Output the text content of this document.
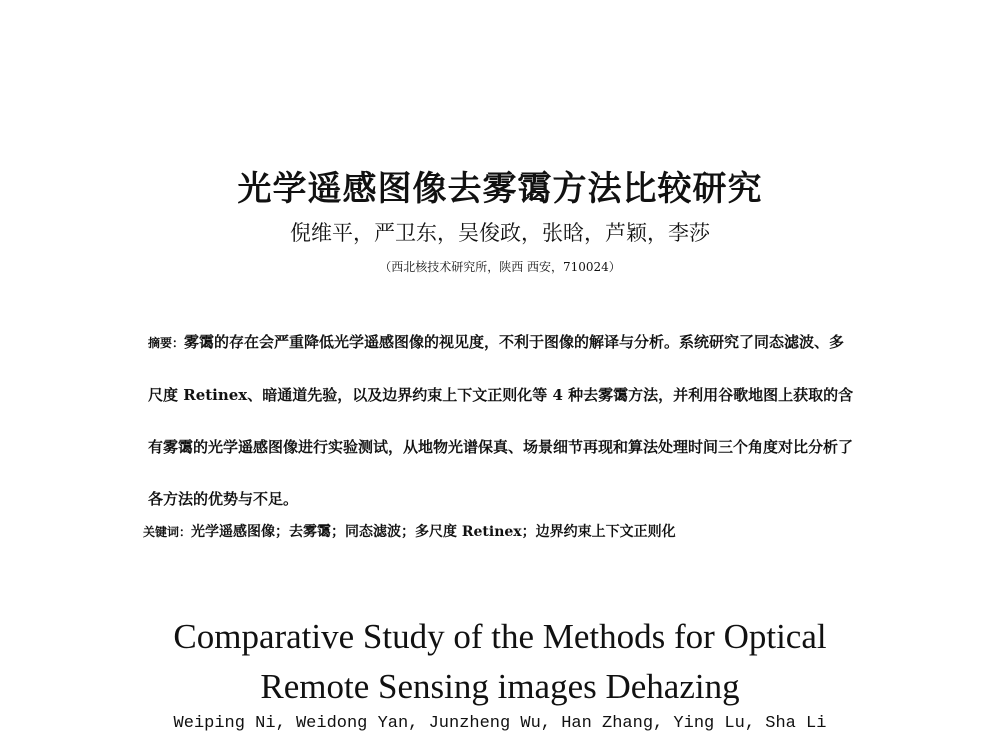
光学遥感图像去雾霭方法比较研究
倪维平，严卫东，吴俊政，张晗，芦颖，李莎
（西北核技术研究所，陕西 西安，710024）
摘要：雾霭的存在会严重降低光学遥感图像的视见度，不利于图像的解译与分析。系统研究了同态滤波、多尺度 Retinex、暗通道先验，以及边界约束上下文正则化等 4 种去雾霭方法，并利用谷歌地图上获取的含有雾霭的光学遥感图像进行实验测试，从地物光谱保真、场景细节再现和算法处理时间三个角度对比分析了各方法的优势与不足。
关键词：光学遥感图像；去雾霭；同态滤波；多尺度 Retinex；边界约束上下文正则化
Comparative Study of the Methods for Optical
Remote Sensing images Dehazing
Weiping Ni, Weidong Yan, Junzheng Wu, Han Zhang, Ying Lu, Sha Li
